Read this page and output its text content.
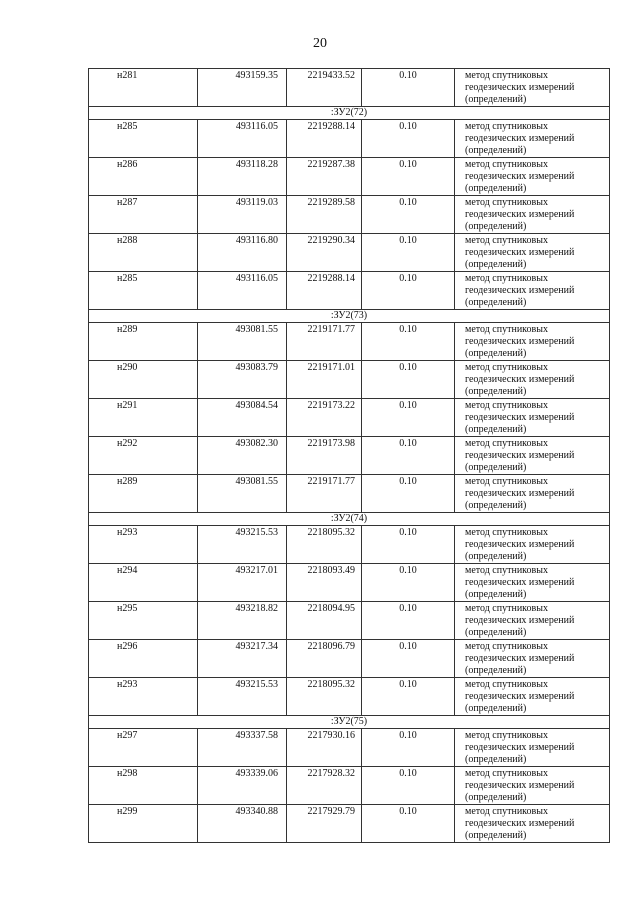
20
н281	493159.35	2219433.52	0.10	метод спутниковых геодезических измерений (определений)

:ЗУ2(72)				

н285	493116.05	2219288.14	0.10	метод спутниковых геодезических измерений (определений)

н286	493118.28	2219287.38	0.10	метод спутниковых геодезических измерений (определений)

н287	493119.03	2219289.58	0.10	метод спутниковых геодезических измерений (определений)

н288	493116.80	2219290.34	0.10	метод спутниковых геодезических измерений (определений)

н285	493116.05	2219288.14	0.10	метод спутниковых геодезических измерений (определений)

:ЗУ2(73)				

н289	493081.55	2219171.77	0.10	метод спутниковых геодезических измерений (определений)

н290	493083.79	2219171.01	0.10	метод спутниковых геодезических измерений (определений)

н291	493084.54	2219173.22	0.10	метод спутниковых геодезических измерений (определений)

н292	493082.30	2219173.98	0.10	метод спутниковых геодезических измерений (определений)

н289	493081.55	2219171.77	0.10	метод спутниковых геодезических измерений (определений)

:ЗУ2(74)				

н293	493215.53	2218095.32	0.10	метод спутниковых геодезических измерений (определений)

н294	493217.01	2218093.49	0.10	метод спутниковых геодезических измерений (определений)

н295	493218.82	2218094.95	0.10	метод спутниковых геодезических измерений (определений)

н296	493217.34	2218096.79	0.10	метод спутниковых геодезических измерений (определений)

н293	493215.53	2218095.32	0.10	метод спутниковых геодезических измерений (определений)

:ЗУ2(75)				

н297	493337.58	2217930.16	0.10	метод спутниковых геодезических измерений (определений)

н298	493339.06	2217928.32	0.10	метод спутниковых геодезических измерений (определений)

н299	493340.88	2217929.79	0.10	метод спутниковых геодезических измерений (определений)
